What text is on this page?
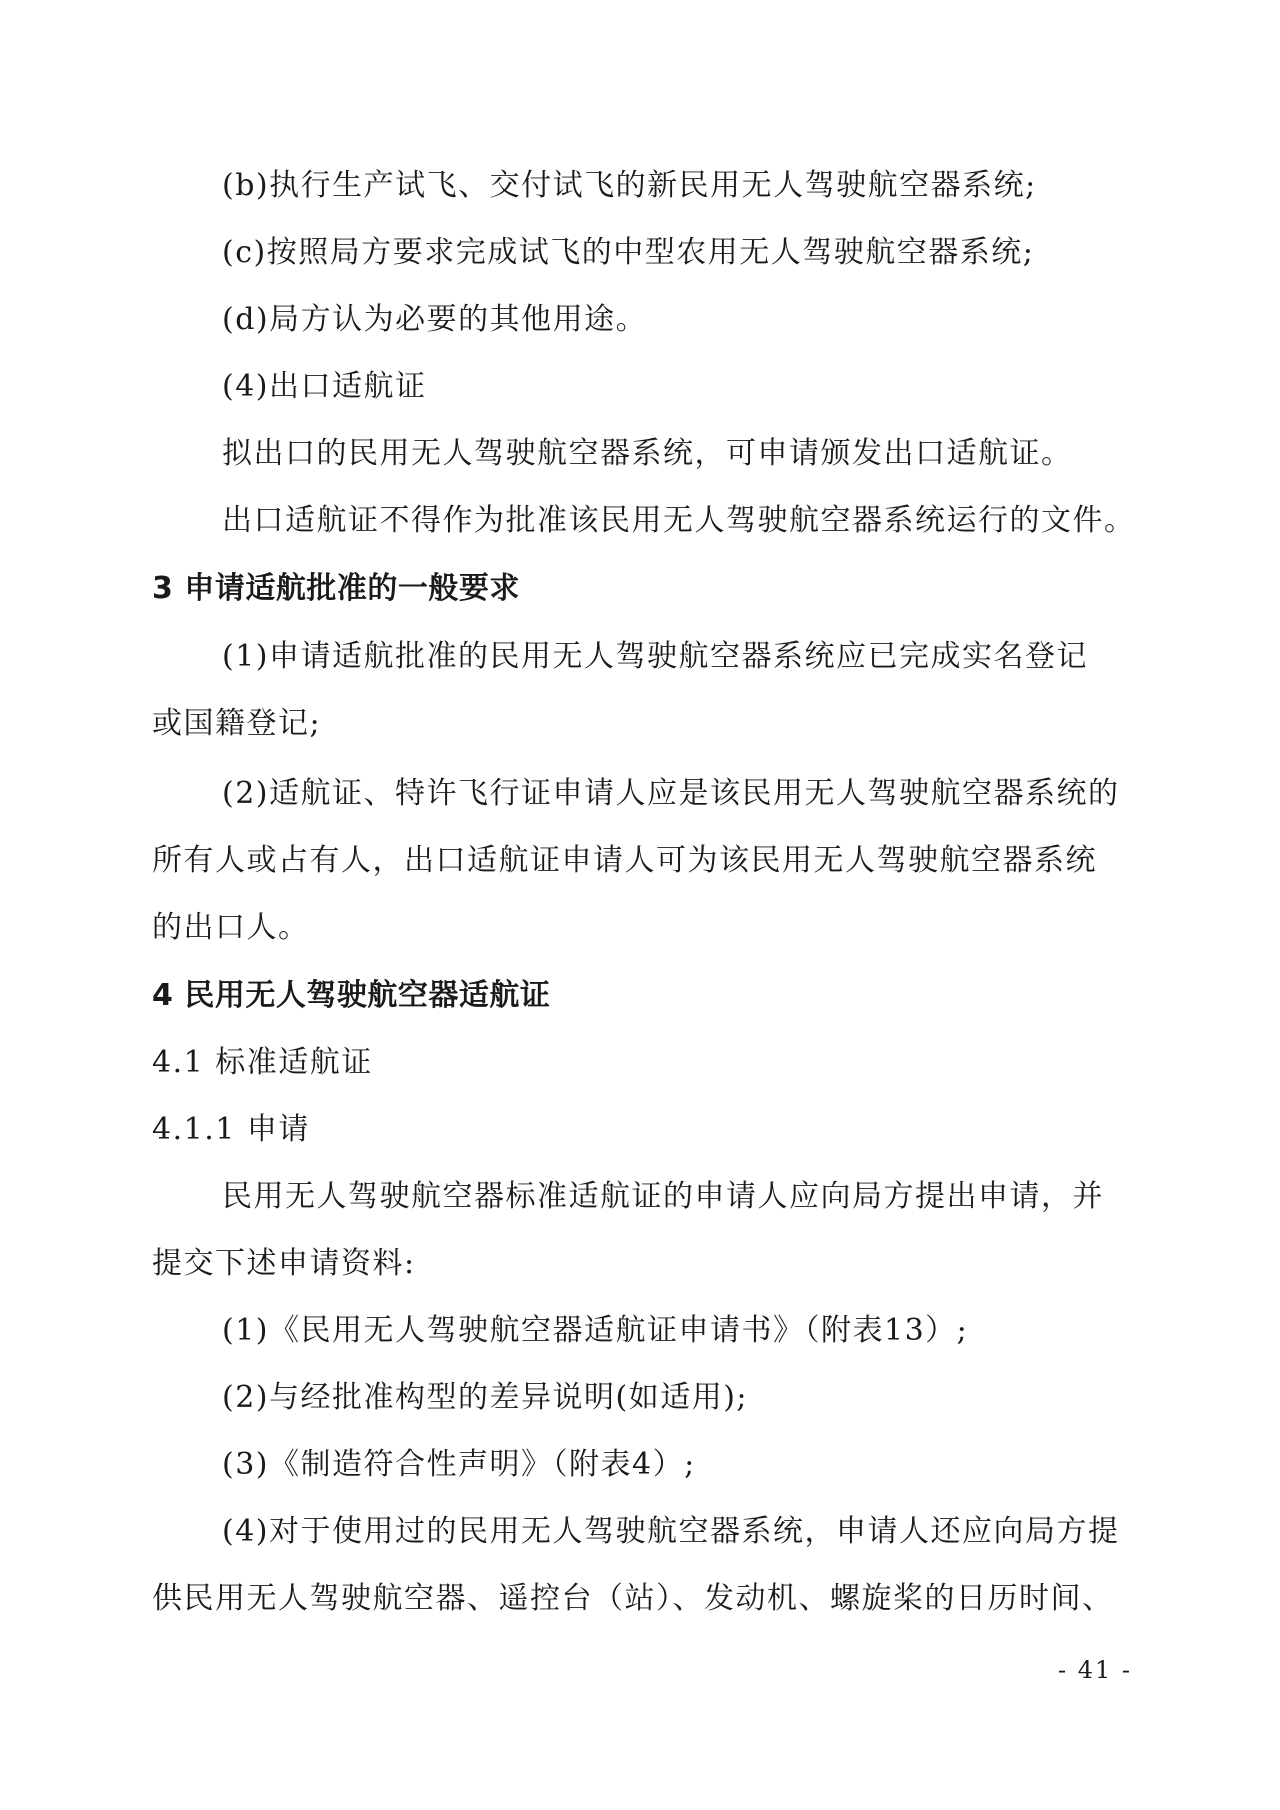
(b)执行生产试飞、交付试飞的新民用无人驾驶航空器系统;
(c)按照局方要求完成试飞的中型农用无人驾驶航空器系统;
(d)局方认为必要的其他用途。
(4)出口适航证
拟出口的民用无人驾驶航空器系统，可申请颁发出口适航证。
出口适航证不得作为批准该民用无人驾驶航空器系统运行的文件。
3 申请适航批准的一般要求
(1)申请适航批准的民用无人驾驶航空器系统应已完成实名登记
或国籍登记;
(2)适航证、特许飞行证申请人应是该民用无人驾驶航空器系统的
所有人或占有人，出口适航证申请人可为该民用无人驾驶航空器系统
的出口人。
4 民用无人驾驶航空器适航证
4.1 标准适航证
4.1.1 申请
民用无人驾驶航空器标准适航证的申请人应向局方提出申请，并
提交下述申请资料:
(1)《民用无人驾驶航空器适航证申请书》（附表13）;
(2)与经批准构型的差异说明(如适用);
(3)《制造符合性声明》（附表4）;
(4)对于使用过的民用无人驾驶航空器系统，申请人还应向局方提
供民用无人驾驶航空器、遥控台（站）、发动机、螺旋桨的日历时间、
- 41 -
